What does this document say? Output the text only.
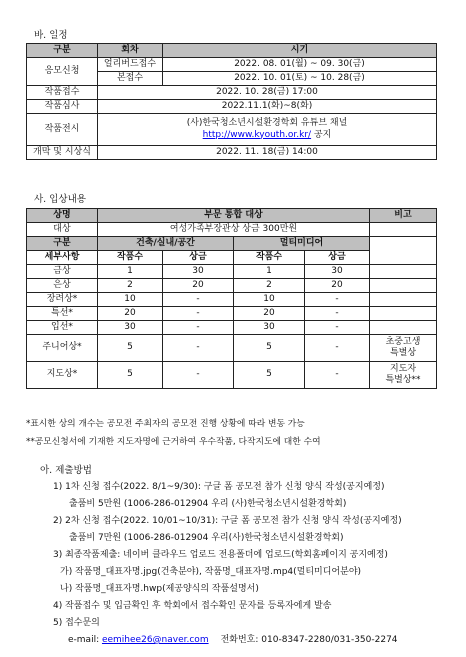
바. 일정
구분	회차	시기
응모신청	얼리버드접수	2022. 08. 01(월) ~ 09. 30(금)
	본접수	2022. 10. 01(토) ~ 10. 28(금)
작품접수	2022. 10. 28(금) 17:00	
작품심사	2022.11.1(화)~8(화)	
작품전시	(사)한국청소년시설환경학회 유튜브 채널
http://www.kyouth.or.kr/ 공지	

개막 및 시상식	2022. 11. 18(금) 14:00	
사. 입상내용
상명	부문 통합 대상				비고
대상	여성가족부장관상 상금 300만원				
구분	건축/실내/공간		멀티미디어		
세부사항	작품수	상금	작품수	상금	
금상	1	30	1	30	
은상	2	20	2	20	
장려상*	10	-	10	-	
특선*	20	-	20	-	
입선*	30	-	30	-	
주니어상*	5	-	5	-	초중고생
특별상

지도상*	5	-	5	-	지도자
특별상**
*표시한 상의 개수는 공모전 주최자의 공모전 진행 상황에 따라 변동 가능
**공모신청서에 기재한 지도자명에 근거하여 우수작품, 다작지도에 대한 수여
아. 제출방법
1) 1차 신청 접수(2022. 8/1~9/30): 구글 폼 공모전 참가 신청 양식 작성(공지예정)
출품비 5만원 (1006-286-012904 우리 (사)한국청소년시설환경학회)
2) 2차 신청 접수(2022. 10/01~10/31): 구글 폼 공모전 참가 신청 양식 작성(공지예정)
출품비 7만원 (1006-286-012904 우리(사)한국청소년시설환경학회)
3) 최종작품제출: 네이버 클라우드 업로드 전용폴더에 업로드(학회홈페이지 공지예정)
가) 작품명_대표자명.jpg(건축분야), 작품명_대표자명.mp4(멀티미디어분야)
나) 작품명_대표자명.hwp(제공양식의 작품설명서)
4) 작품접수 및 입금확인 후 학회에서 접수확인 문자를 등록자에게 발송
5) 접수문의
e-mail: eemihee26@naver.com 전화번호: 010-8347-2280/031-350-2274
